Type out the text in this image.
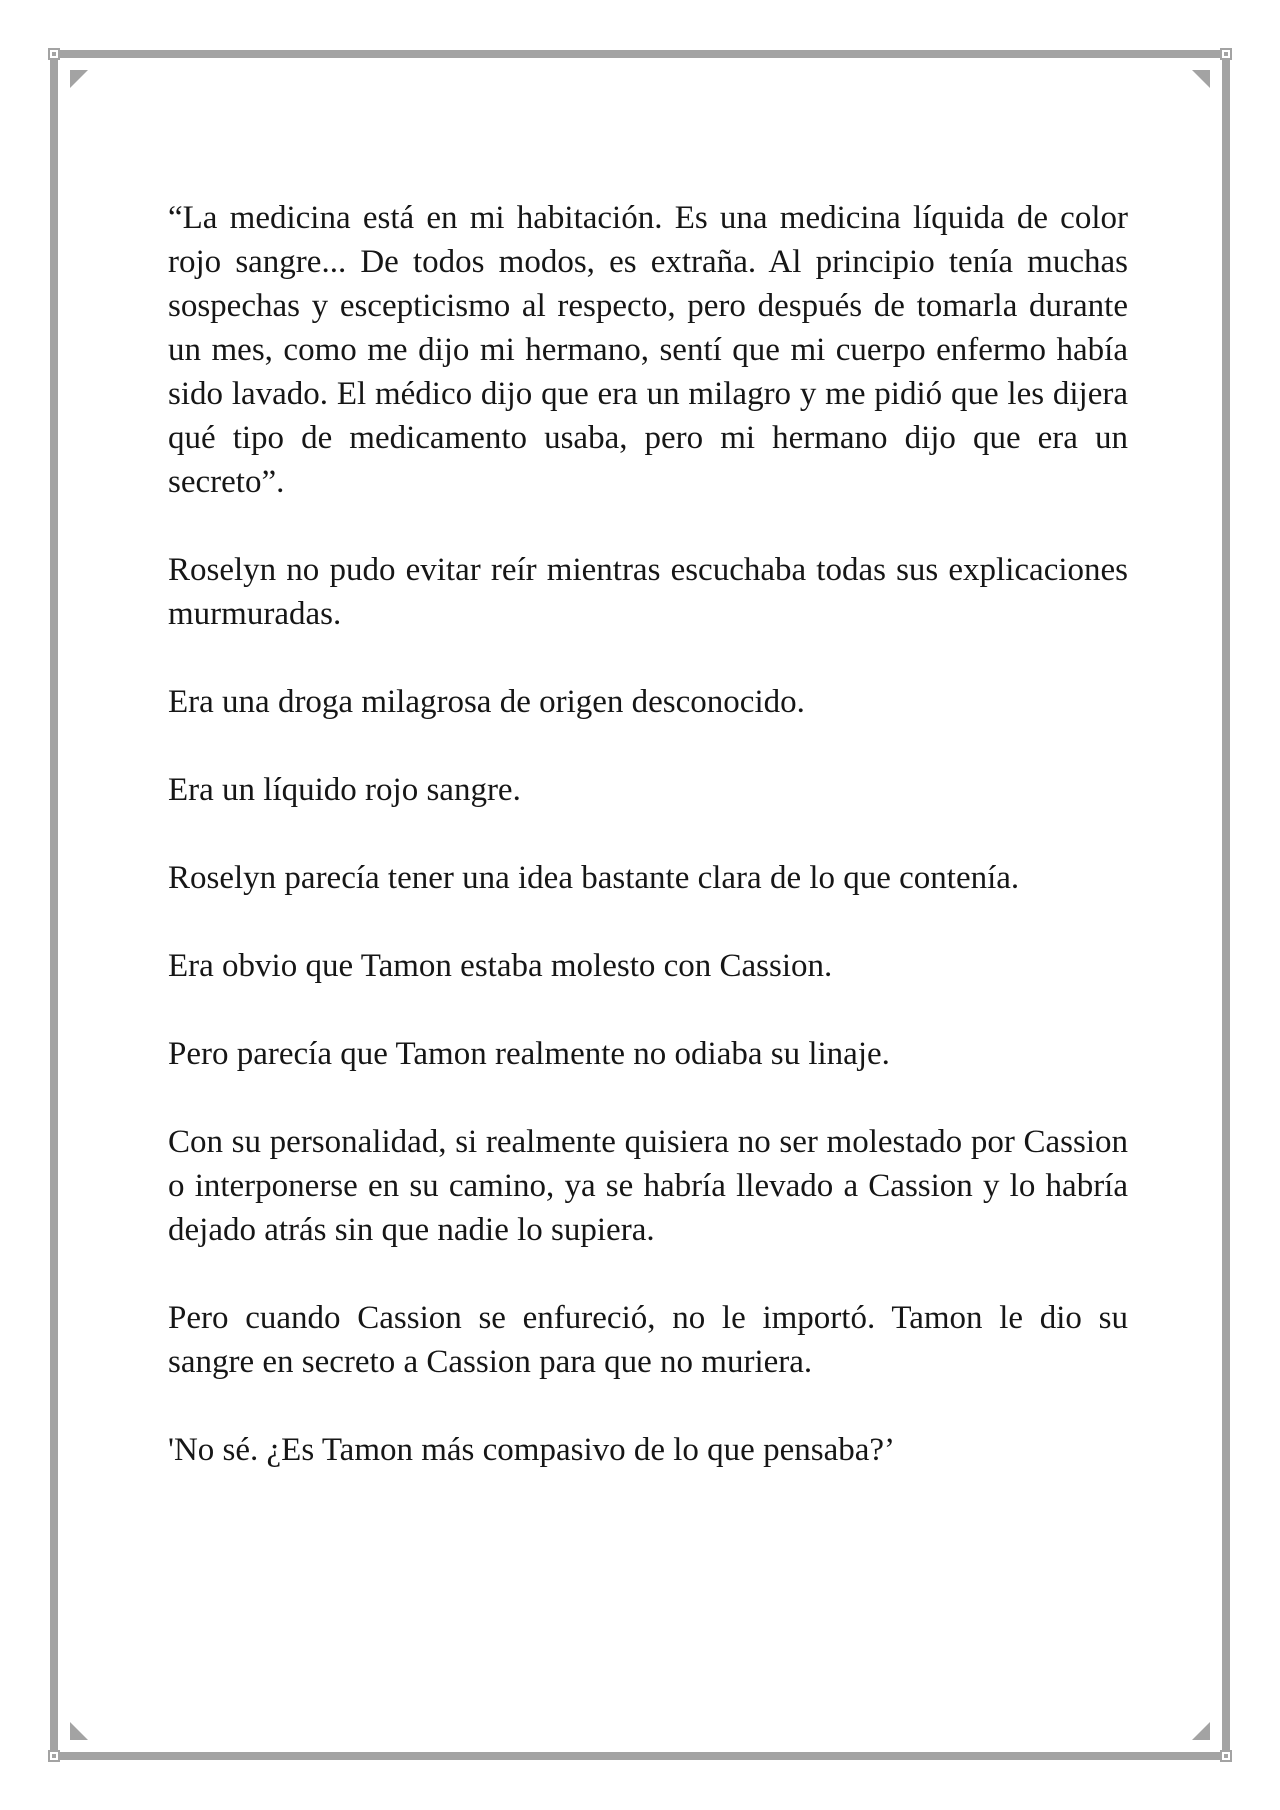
“La medicina está en mi habitación. Es una medicina líquida de color rojo sangre... De todos modos, es extraña. Al principio tenía muchas sospechas y escepticismo al respecto, pero después de tomarla durante un mes, como me dijo mi hermano, sentí que mi cuerpo enfermo había sido lavado. El médico dijo que era un milagro y me pidió que les dijera qué tipo de medicamento usaba, pero mi hermano dijo que era un secreto”.

Roselyn no pudo evitar reír mientras escuchaba todas sus explicaciones murmuradas.

Era una droga milagrosa de origen desconocido.

Era un líquido rojo sangre.

Roselyn parecía tener una idea bastante clara de lo que contenía.

Era obvio que Tamon estaba molesto con Cassion.

Pero parecía que Tamon realmente no odiaba su linaje.

Con su personalidad, si realmente quisiera no ser molestado por Cassion o interponerse en su camino, ya se habría llevado a Cassion y lo habría dejado atrás sin que nadie lo supiera.

Pero cuando Cassion se enfureció, no le importó. Tamon le dio su sangre en secreto a Cassion para que no muriera.

'No sé. ¿Es Tamon más compasivo de lo que pensaba?’
